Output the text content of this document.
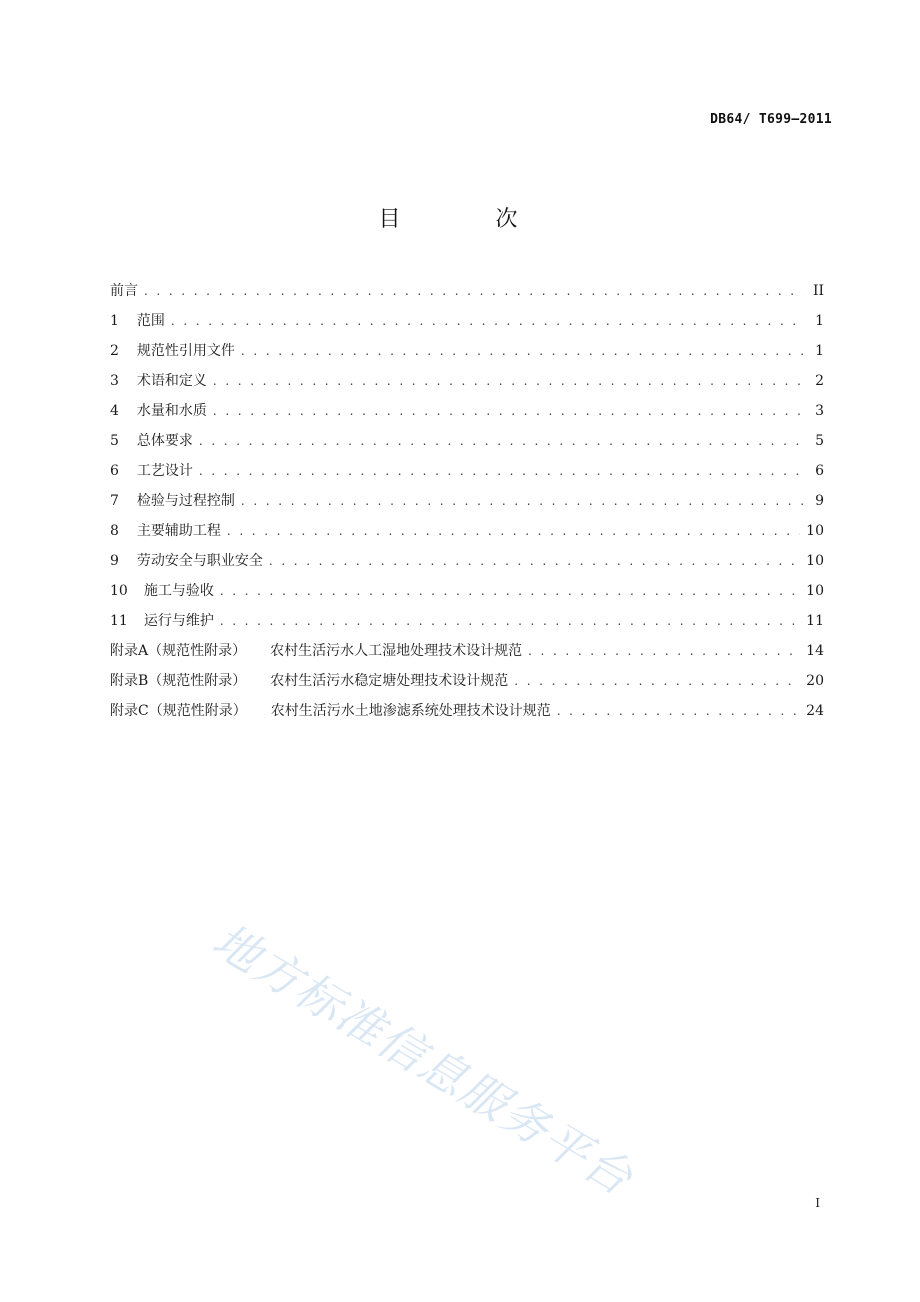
DB64/ T699—2011
目 次
前言 . . .	II
1 范围 . . .	1
2 规范性引用文件 . . .	1
3 术语和定义 . . .	2
4 水量和水质 . . .	3
5 总体要求 . . .	5
6 工艺设计 . . .	6
7 检验与过程控制 . . .	9
8 主要辅助工程 . . .	10
9 劳动安全与职业安全 . . .	10
10 施工与验收 . . .	10
11 运行与维护 . . .	11
附录A（规范性附录） 农村生活污水人工湿地处理技术设计规范 . . .	14
附录B（规范性附录） 农村生活污水稳定塘处理技术设计规范 . . .	20
附录C（规范性附录） 农村生活污水土地渗滤系统处理技术设计规范 . . .	24
地方标准信息服务平台	I
